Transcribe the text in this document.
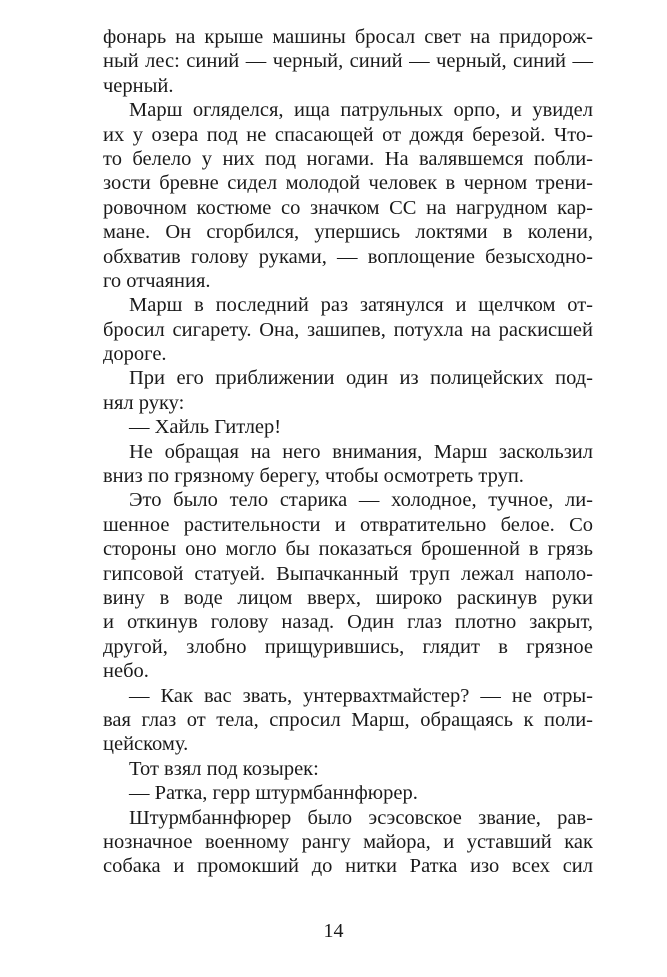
фонарь на крыше машины бросал свет на придорож-
ный лес: синий — черный, синий — черный, синий —
черный.
Марш огляделся, ища патрульных орпо, и увидел
их у озера под не спасающей от дождя березой. Что-
то белело у них под ногами. На валявшемся побли-
зости бревне сидел молодой человек в черном трени-
ровочном костюме со значком СС на нагрудном кар-
мане. Он сгорбился, упершись локтями в колени,
обхватив голову руками, — воплощение безысходно-
го отчаяния.
Марш в последний раз затянулся и щелчком от-
бросил сигарету. Она, зашипев, потухла на раскисшей
дороге.
При его приближении один из полицейских под-
нял руку:
— Хайль Гитлер!
Не обращая на него внимания, Марш заскользил
вниз по грязному берегу, чтобы осмотреть труп.
Это было тело старика — холодное, тучное, ли-
шенное растительности и отвратительно белое. Со
стороны оно могло бы показаться брошенной в грязь
гипсовой статуей. Выпачканный труп лежал наполо-
вину в воде лицом вверх, широко раскинув руки
и откинув голову назад. Один глаз плотно закрыт,
другой, злобно прищурившись, глядит в грязное
небо.
— Как вас звать, унтервахтмайстер? — не отры-
вая глаз от тела, спросил Марш, обращаясь к поли-
цейскому.
Тот взял под козырек:
— Ратка, герр штурмбаннфюрер.
Штурмбаннфюрер было эсэсовское звание, рав-
нозначное военному рангу майора, и уставший как
собака и промокший до нитки Ратка изо всех сил
14
